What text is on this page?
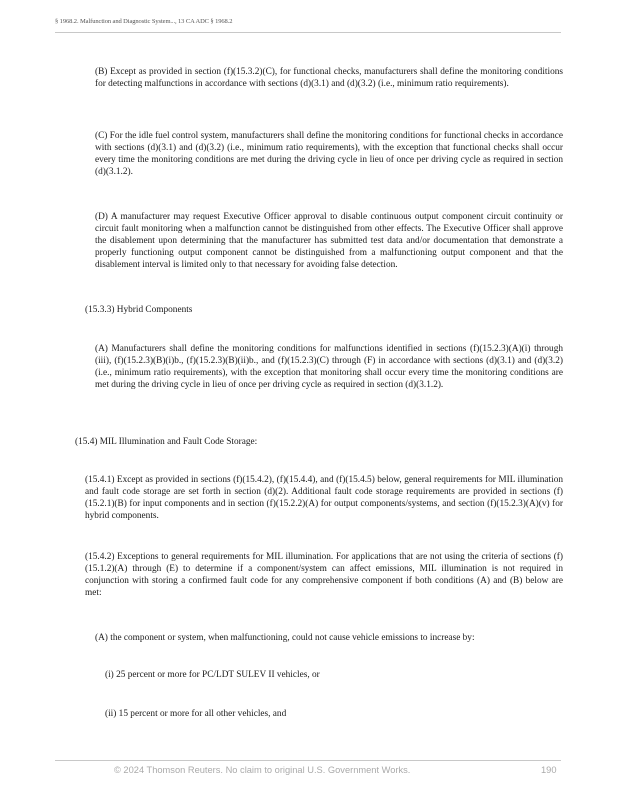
§ 1968.2. Malfunction and Diagnostic System..., 13 CA ADC § 1968.2

(B) Except as provided in section (f)(15.3.2)(C), for functional checks, manufacturers shall define the monitoring conditions for detecting malfunctions in accordance with sections (d)(3.1) and (d)(3.2) (i.e., minimum ratio requirements).

(C) For the idle fuel control system, manufacturers shall define the monitoring conditions for functional checks in accordance with sections (d)(3.1) and (d)(3.2) (i.e., minimum ratio requirements), with the exception that functional checks shall occur every time the monitoring conditions are met during the driving cycle in lieu of once per driving cycle as required in section (d)(3.1.2).

(D) A manufacturer may request Executive Officer approval to disable continuous output component circuit continuity or circuit fault monitoring when a malfunction cannot be distinguished from other effects. The Executive Officer shall approve the disablement upon determining that the manufacturer has submitted test data and/or documentation that demonstrate a properly functioning output component cannot be distinguished from a malfunctioning output component and that the disablement interval is limited only to that necessary for avoiding false detection.

(15.3.3) Hybrid Components

(A) Manufacturers shall define the monitoring conditions for malfunctions identified in sections (f)(15.2.3)(A)(i) through (iii), (f)(15.2.3)(B)(i)b., (f)(15.2.3)(B)(ii)b., and (f)(15.2.3)(C) through (F) in accordance with sections (d)(3.1) and (d)(3.2) (i.e., minimum ratio requirements), with the exception that monitoring shall occur every time the monitoring conditions are met during the driving cycle in lieu of once per driving cycle as required in section (d)(3.1.2).

(15.4) MIL Illumination and Fault Code Storage:

(15.4.1) Except as provided in sections (f)(15.4.2), (f)(15.4.4), and (f)(15.4.5) below, general requirements for MIL illumination and fault code storage are set forth in section (d)(2). Additional fault code storage requirements are provided in sections (f)(15.2.1)(B) for input components and in section (f)(15.2.2)(A) for output components/systems, and section (f)(15.2.3)(A)(v) for hybrid components.

(15.4.2) Exceptions to general requirements for MIL illumination. For applications that are not using the criteria of sections (f)(15.1.2)(A) through (E) to determine if a component/system can affect emissions, MIL illumination is not required in conjunction with storing a confirmed fault code for any comprehensive component if both conditions (A) and (B) below are met:

(A) the component or system, when malfunctioning, could not cause vehicle emissions to increase by:

(i) 25 percent or more for PC/LDT SULEV II vehicles, or

(ii) 15 percent or more for all other vehicles, and

© 2024 Thomson Reuters. No claim to original U.S. Government Works.	190
